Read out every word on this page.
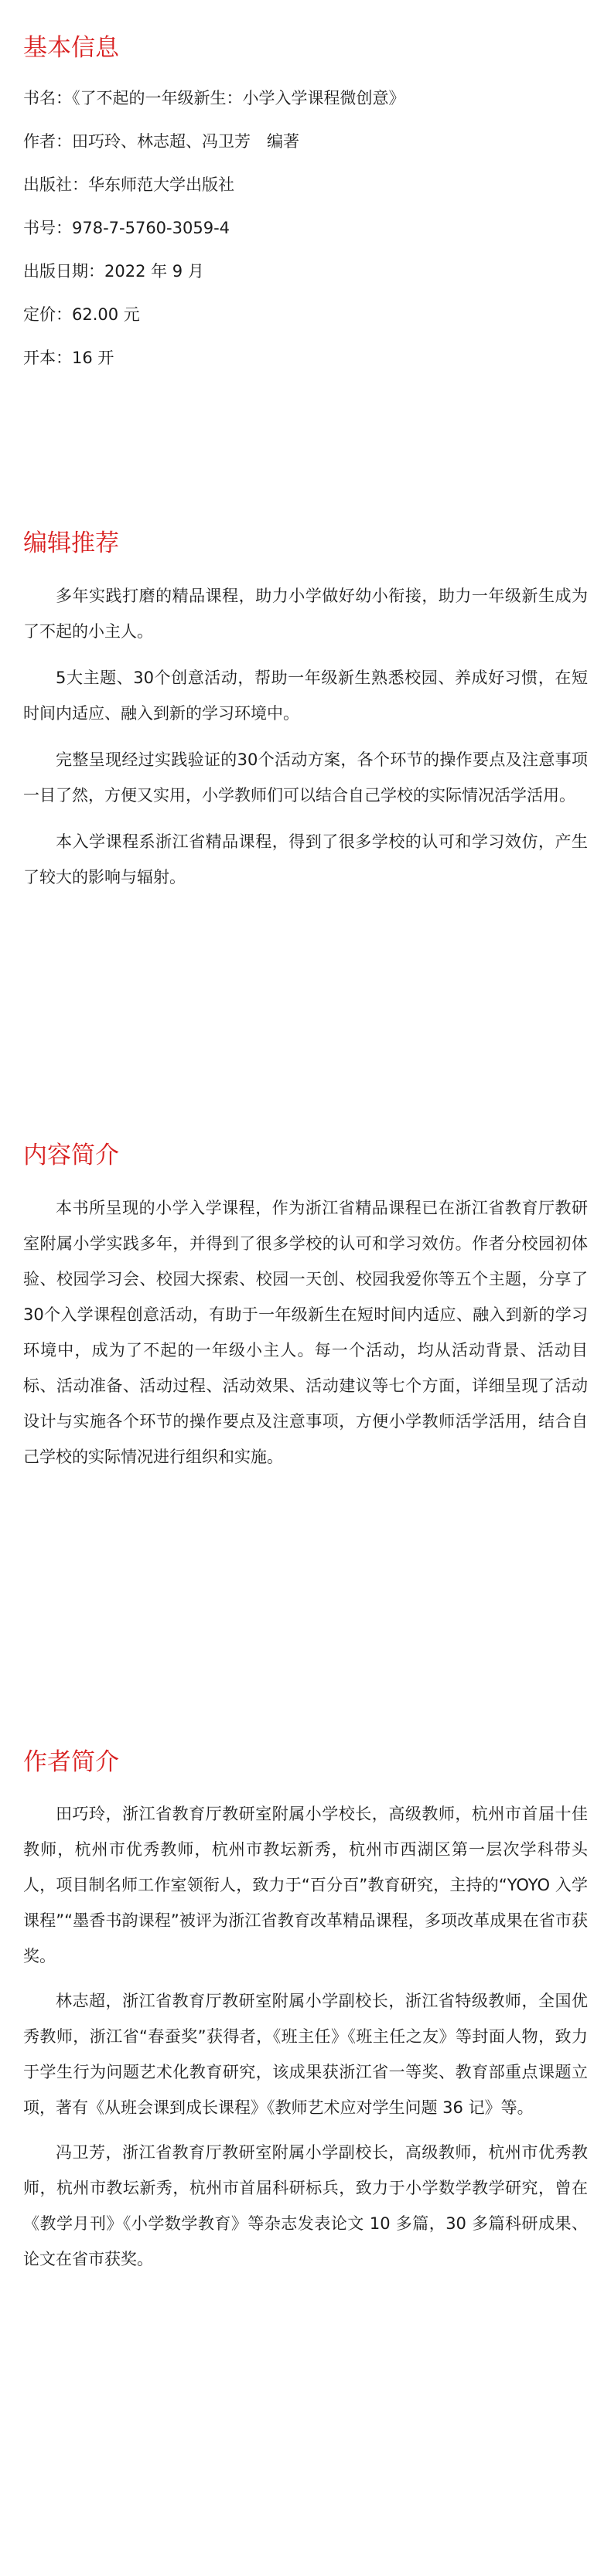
基本信息

书名：《了不起的一年级新生：小学入学课程微创意》

作者：田巧玲、林志超、冯卫芳　编著

出版社：华东师范大学出版社

书号：978-7-5760-3059-4

出版日期：2022 年 9 月

定价：62.00 元

开本：16 开

编辑推荐

多年实践打磨的精品课程，助力小学做好幼小衔接，助力一年级新生成为了不起的小主人。

5大主题、30个创意活动，帮助一年级新生熟悉校园、养成好习惯，在短时间内适应、融入到新的学习环境中。

完整呈现经过实践验证的30个活动方案，各个环节的操作要点及注意事项一目了然，方便又实用，小学教师们可以结合自己学校的实际情况活学活用。

本入学课程系浙江省精品课程，得到了很多学校的认可和学习效仿，产生了较大的影响与辐射。

内容简介

本书所呈现的小学入学课程，作为浙江省精品课程已在浙江省教育厅教研室附属小学实践多年，并得到了很多学校的认可和学习效仿。作者分校园初体验、校园学习会、校园大探索、校园一天创、校园我爱你等五个主题，分享了30个入学课程创意活动，有助于一年级新生在短时间内适应、融入到新的学习环境中，成为了不起的一年级小主人。每一个活动，均从活动背景、活动目标、活动准备、活动过程、活动效果、活动建议等七个方面，详细呈现了活动设计与实施各个环节的操作要点及注意事项，方便小学教师活学活用，结合自己学校的实际情况进行组织和实施。

作者简介

田巧玲，浙江省教育厅教研室附属小学校长，高级教师，杭州市首届十佳教师，杭州市优秀教师，杭州市教坛新秀，杭州市西湖区第一层次学科带头人，项目制名师工作室领衔人，致力于“百分百”教育研究，主持的“YOYO 入学课程”“墨香书韵课程”被评为浙江省教育改革精品课程，多项改革成果在省市获奖。

林志超，浙江省教育厅教研室附属小学副校长，浙江省特级教师，全国优秀教师，浙江省“春蚕奖”获得者，《班主任》《班主任之友》等封面人物，致力于学生行为问题艺术化教育研究，该成果获浙江省一等奖、教育部重点课题立项，著有《从班会课到成长课程》《教师艺术应对学生问题 36 记》等。

冯卫芳，浙江省教育厅教研室附属小学副校长，高级教师，杭州市优秀教师，杭州市教坛新秀，杭州市首届科研标兵，致力于小学数学教学研究，曾在《教学月刊》《小学数学教育》等杂志发表论文 10 多篇，30 多篇科研成果、论文在省市获奖。
